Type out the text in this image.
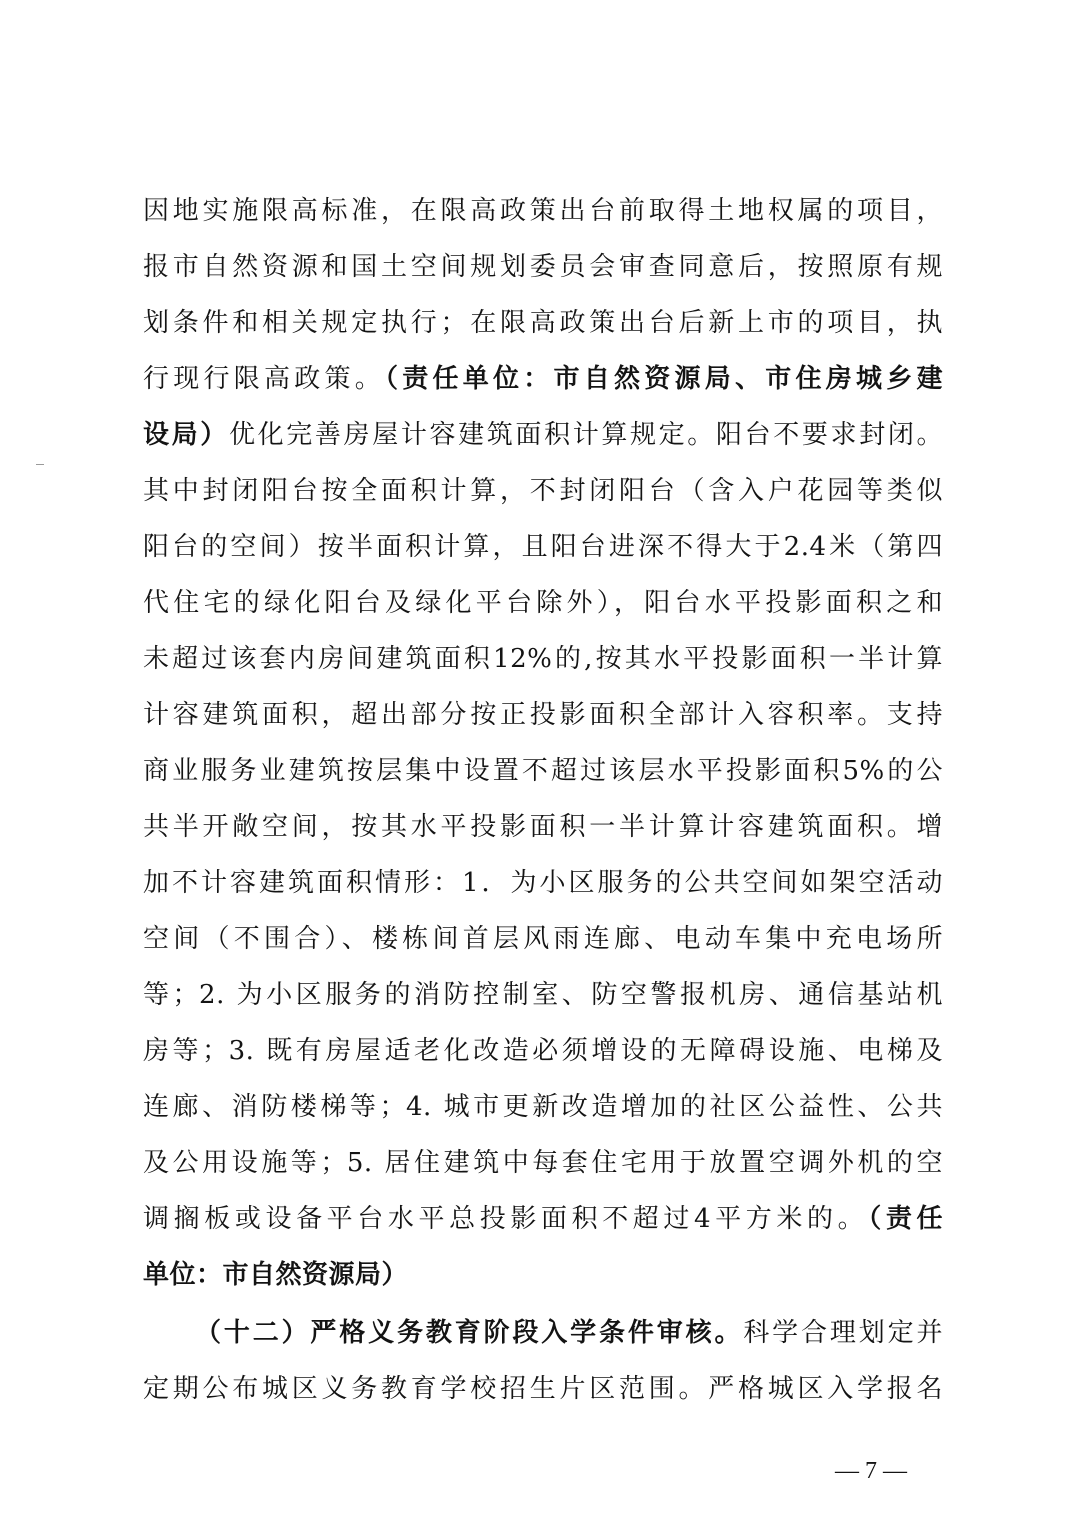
因地实施限高标准，在限高政策出台前取得土地权属的项目，
报市自然资源和国土空间规划委员会审查同意后，按照原有规
划条件和相关规定执行；在限高政策出台后新上市的项目，执
行现行限高政策。（责任单位：市自然资源局、市住房城乡建
设局）优化完善房屋计容建筑面积计算规定。阳台不要求封闭。
其中封闭阳台按全面积计算，不封闭阳台（含入户花园等类似
阳台的空间）按半面积计算，且阳台进深不得大于2.4米（第四
代住宅的绿化阳台及绿化平台除外），阳台水平投影面积之和
未超过该套内房间建筑面积12%的,按其水平投影面积一半计算
计容建筑面积，超出部分按正投影面积全部计入容积率。支持
商业服务业建筑按层集中设置不超过该层水平投影面积5%的公
共半开敞空间，按其水平投影面积一半计算计容建筑面积。增
加不计容建筑面积情形：1．为小区服务的公共空间如架空活动
空间（不围合）、楼栋间首层风雨连廊、电动车集中充电场所
等；2. 为小区服务的消防控制室、防空警报机房、通信基站机
房等；3. 既有房屋适老化改造必须增设的无障碍设施、电梯及
连廊、消防楼梯等；4. 城市更新改造增加的社区公益性、公共
及公用设施等；5. 居住建筑中每套住宅用于放置空调外机的空
调搁板或设备平台水平总投影面积不超过4平方米的。（责任
单位：市自然资源局）
（十二）严格义务教育阶段入学条件审核。科学合理划定并
定期公布城区义务教育学校招生片区范围。严格城区入学报名
— 7 —
